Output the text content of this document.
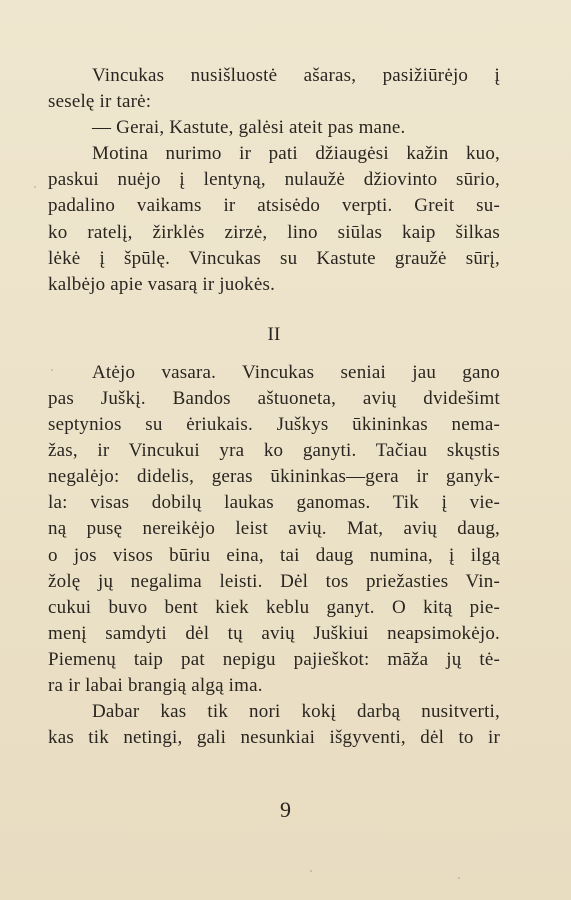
Vincukas nusišluostė ašaras, pasižiūrėjo į
seselę ir tarė:
— Gerai, Kastute, galėsi ateit pas mane.
Motina nurimo ir pati džiaugėsi kažin kuo,
paskui nuėjo į lentyną, nulaužė džiovinto sūrio,
padalino vaikams ir atsisėdo verpti. Greit su-
ko ratelį, žirklės zirzė, lino siūlas kaip šilkas
lėkė į špūlę. Vincukas su Kastute graužė sūrį,
kalbėjo apie vasarą ir juokės.
II
Atėjo vasara. Vincukas seniai jau gano
pas Juškį. Bandos aštuoneta, avių dvidešimt
septynios su ėriukais. Juškys ūkininkas nema-
žas, ir Vincukui yra ko ganyti. Tačiau skųstis
negalėjo: didelis, geras ūkininkas—gera ir ganyk-
la: visas dobilų laukas ganomas. Tik į vie-
ną pusę nereikėjo leist avių. Mat, avių daug,
o jos visos būriu eina, tai daug numina, į ilgą
žolę jų negalima leisti. Dėl tos priežasties Vin-
cukui buvo bent kiek keblu ganyt. O kitą pie-
menį samdyti dėl tų avių Juškiui neapsimokėjo.
Piemenų taip pat nepigu pajieškot: māža jų tė-
ra ir labai brangią algą ima.
Dabar kas tik nori kokį darbą nusitverti,
kas tik netingi, gali nesunkiai išgyventi, dėl to ir
9
